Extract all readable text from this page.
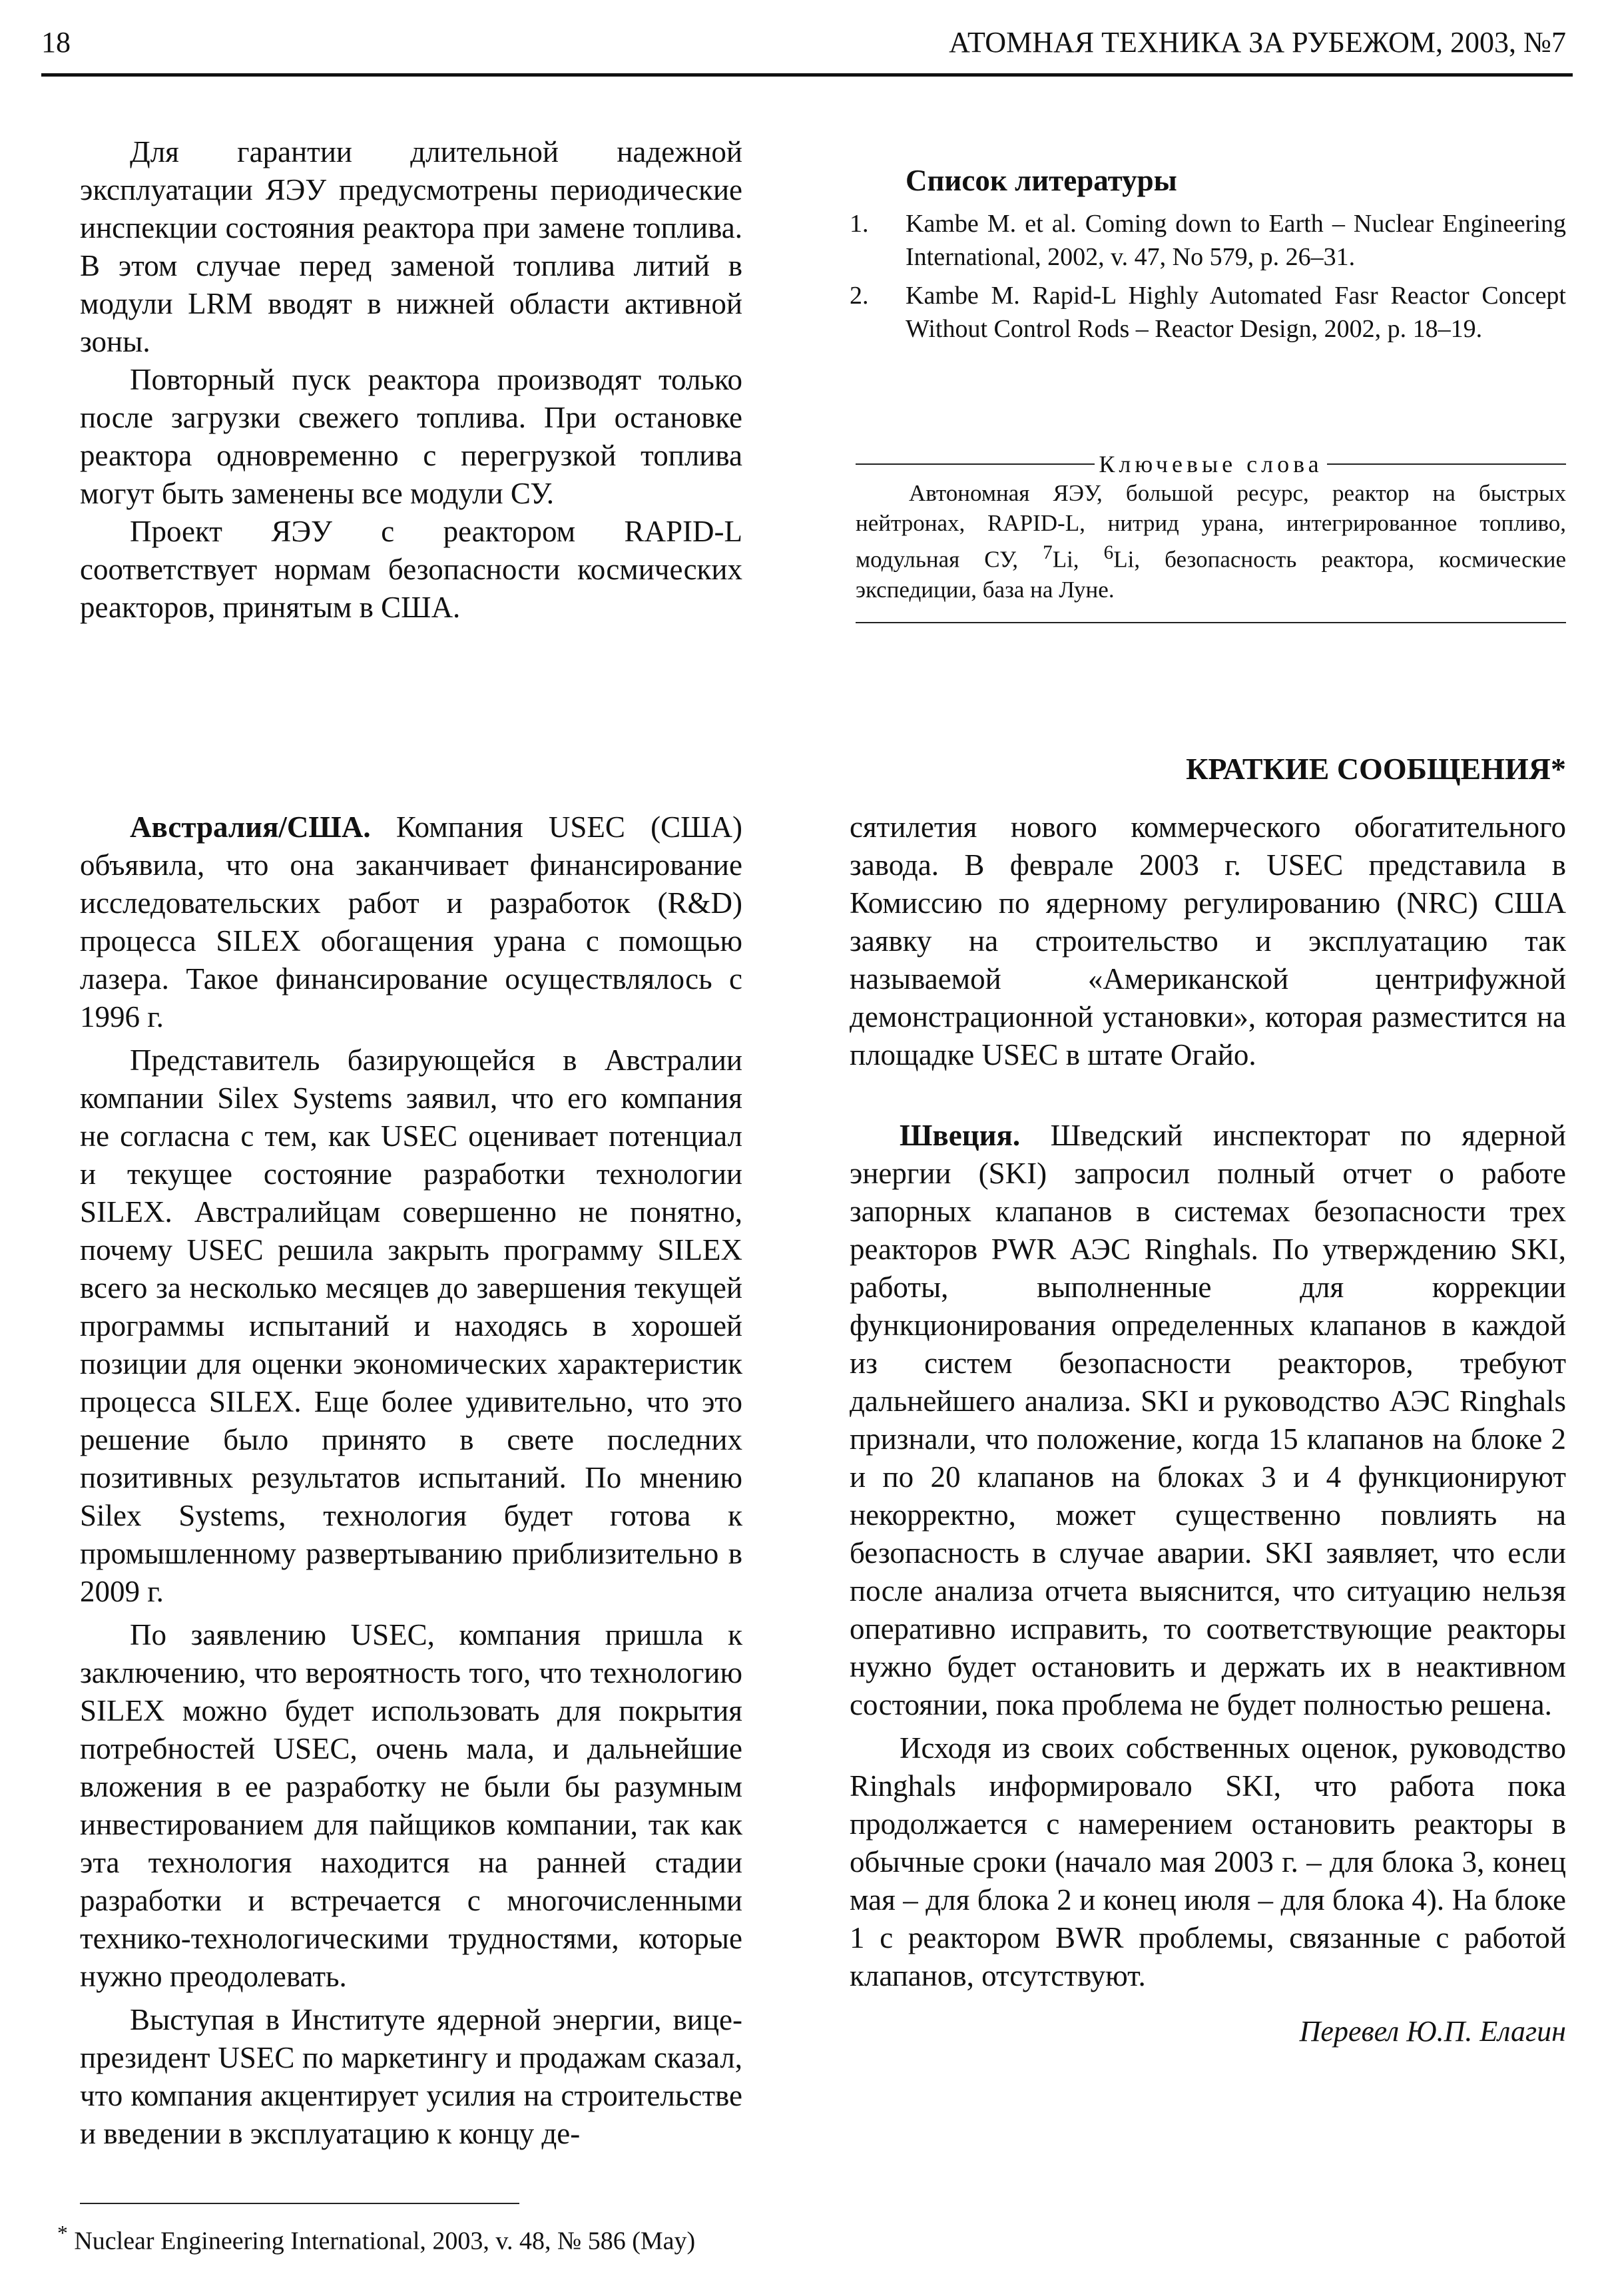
18	АТОМНАЯ ТЕХНИКА ЗА РУБЕЖОМ, 2003, №7

Для гарантии длительной надежной эксплуатации ЯЭУ предусмотрены периодические инспекции состояния реактора при замене топлива. В этом случае перед заменой топлива литий в модули LRM вводят в нижней области активной зоны.

Повторный пуск реактора производят только после загрузки свежего топлива. При остановке реактора одновременно с перегрузкой топлива могут быть заменены все модули СУ.

Проект ЯЭУ с реактором RAPID-L соответствует нормам безопасности космических реакторов, принятым в США.

Список литературы
1.	Kambe M. et al. Coming down to Earth – Nuclear Engineering International, 2002, v. 47, No 579, p. 26–31.
2.	Kambe M. Rapid-L Highly Automated Fasr Reactor Concept Without Control Rods – Reactor Design, 2002, p. 18–19.
Ключевые слова
Автономная ЯЭУ, большой ресурс, реактор на быстрых нейтронах, RAPID-L, нитрид урана, интегрированное топливо, модульная СУ, $^7$Li, $^6$Li, безопасность реактора, космические экспедиции, база на Луне.
КРАТКИЕ СООБЩЕНИЯ*

Австралия/США. Компания USEC (США) объявила, что она заканчивает финансирование исследовательских работ и разработок (R&D) процесса SILEX обогащения урана с помощью лазера. Такое финансирование осуществлялось с 1996 г.

Представитель базирующейся в Австралии компании Silex Systems заявил, что его компания не согласна с тем, как USEC оценивает потенциал и текущее состояние разработки технологии SILEX. Австралийцам совершенно не понятно, почему USEC решила закрыть программу SILEX всего за несколько месяцев до завершения текущей программы испытаний и находясь в хорошей позиции для оценки экономических характеристик процесса SILEX. Еще более удивительно, что это решение было принято в свете последних позитивных результатов испытаний. По мнению Silex Systems, технология будет готова к промышленному развертыванию приблизительно в 2009 г.

По заявлению USEC, компания пришла к заключению, что вероятность того, что технологию SILEX можно будет использовать для покрытия потребностей USEC, очень мала, и дальнейшие вложения в ее разработку не были бы разумным инвестированием для пайщиков компании, так как эта технология находится на ранней стадии разработки и встречается с многочисленными технико-технологическими трудностями, которые нужно преодолевать.

Выступая в Институте ядерной энергии, вице-президент USEC по маркетингу и продажам сказал, что компания акцентирует усилия на строительстве и введении в эксплуатацию к концу де-

сятилетия нового коммерческого обогатительного завода. В феврале 2003 г. USEC представила в Комиссию по ядерному регулированию (NRC) США заявку на строительство и эксплуатацию так называемой «Американской центрифужной демонстрационной установки», которая разместится на площадке USEC в штате Огайо.

Швеция. Шведский инспекторат по ядерной энергии (SKI) запросил полный отчет о работе запорных клапанов в системах безопасности трех реакторов PWR АЭС Ringhals. По утверждению SKI, работы, выполненные для коррекции функционирования определенных клапанов в каждой из систем безопасности реакторов, требуют дальнейшего анализа. SKI и руководство АЭС Ringhals признали, что положение, когда 15 клапанов на блоке 2 и по 20 клапанов на блоках 3 и 4 функционируют некорректно, может существенно повлиять на безопасность в случае аварии. SKI заявляет, что если после анализа отчета выяснится, что ситуацию нельзя оперативно исправить, то соответствующие реакторы нужно будет остановить и держать их в неактивном состоянии, пока проблема не будет полностью решена.

Исходя из своих собственных оценок, руководство Ringhals информировало SKI, что работа пока продолжается с намерением остановить реакторы в обычные сроки (начало мая 2003 г. – для блока 3, конец мая – для блока 2 и конец июля – для блока 4). На блоке 1 с реактором BWR проблемы, связанные с работой клапанов, отсутствуют.

Перевел Ю.П. Елагин
* Nuclear Engineering International, 2003, v. 48, № 586 (May)
